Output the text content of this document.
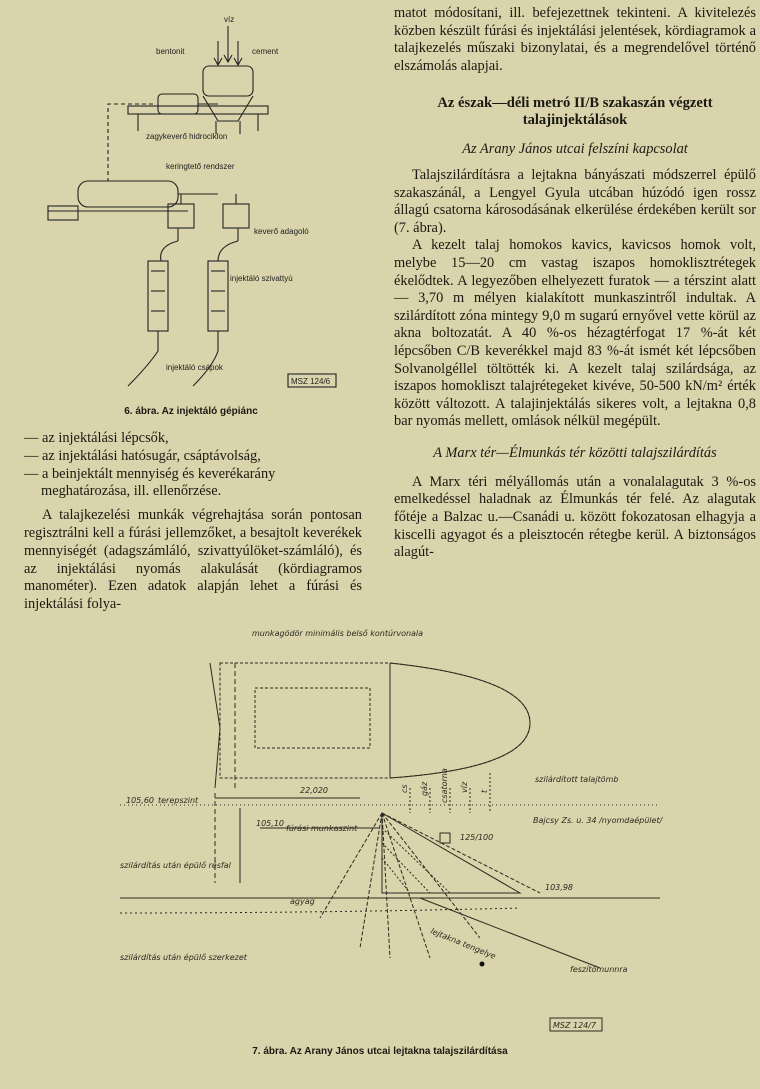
víz
bentonit	cement
zagykeverő hidrociklon
keringtető rendszer
keverő adagoló
injektáló szivattyú
injektáló csápok
MSZ 124/6
6. ábra. Az injektáló gépiánc
— az injektálási lépcsők,
— az injektálási hatósugár, csáptávolság,
— a beinjektált mennyiség és keverékarány
meghatározása, ill. ellenőrzése.

A talajkezelési munkák végrehajtása során pontosan regisztrálni kell a fúrási jellemzőket, a besajtolt keverékek mennyiségét (adagszámláló, szivattyúlöket-számláló), és az injektálási nyomás alakulását (kördiagramos manométer). Ezen adatok alapján lehet a fúrási és injektálási folya-

matot módosítani, ill. befejezettnek tekinteni. A kivitelezés közben készült fúrási és injektálási jelentések, kördiagramok a talajkezelés műszaki bizonylatai, és a megrendelővel történő elszámolás alapjai.

Az észak—déli metró II/B szakaszán végzett talajinjektálások
Az Arany János utcai felszíni kapcsolat

Talajszilárdításra a lejtakna bányászati módszerrel épülő szakaszánál, a Lengyel Gyula utcában húzódó igen rossz állagú csatorna károsodásának elkerülése érdekében került sor (7. ábra).

A kezelt talaj homokos kavics, kavicsos homok volt, melybe 15—20 cm vastag iszapos homoklisztrétegek ékelődtek. A legyezőben elhelyezett furatok — a térszint alatt— 3,70 m mélyen kialakított munkaszintről indultak. A szilárdított zóna mintegy 9,0 m sugarú ernyővel vette körül az akna boltozatát. A 40 %-os hézagtérfogat 17 %-át két lépcsőben C/B keverékkel majd 83 %-át ismét két lépcsőben Solvanolgéllel töltötték ki. A kezelt talaj szilárdsága, az iszapos homokliszt talajrétegeket kivéve, 50-500 kN/m² érték között változott. A talajinjektálás sikeres volt, a lejtakna 0,8 bar nyomás mellett, omlások nélkül megépült.

A Marx tér—Élmunkás tér közötti talajszilárdítás

A Marx téri mélyállomás után a vonalalagutak 3 %-os emelkedéssel haladnak az Élmunkás tér felé. Az alagutak főtéje a Balzac u.—Csanádi u. között fokozatosan elhagyja a kiscelli agyagot és a pleisztocén rétegbe kerül. A biztonságos alagút-

munkagödör minimális belső kontúrvonala
105,60 terepszint
22,020
105,10
fúrási munkaszint
szilárdított talajtömb
Bajcsy Zs. u. 34 /nyomdaépület/
szilárdítás után épülő résfal
agyag
szilárdítás után épülő szerkezet	lejtakna tengelye
feszítőmunnra
103,98
125/100
cs gáz csatorna víz t
MSZ 124/7
7. ábra. Az Arany János utcai lejtakna talajszilárdítása
